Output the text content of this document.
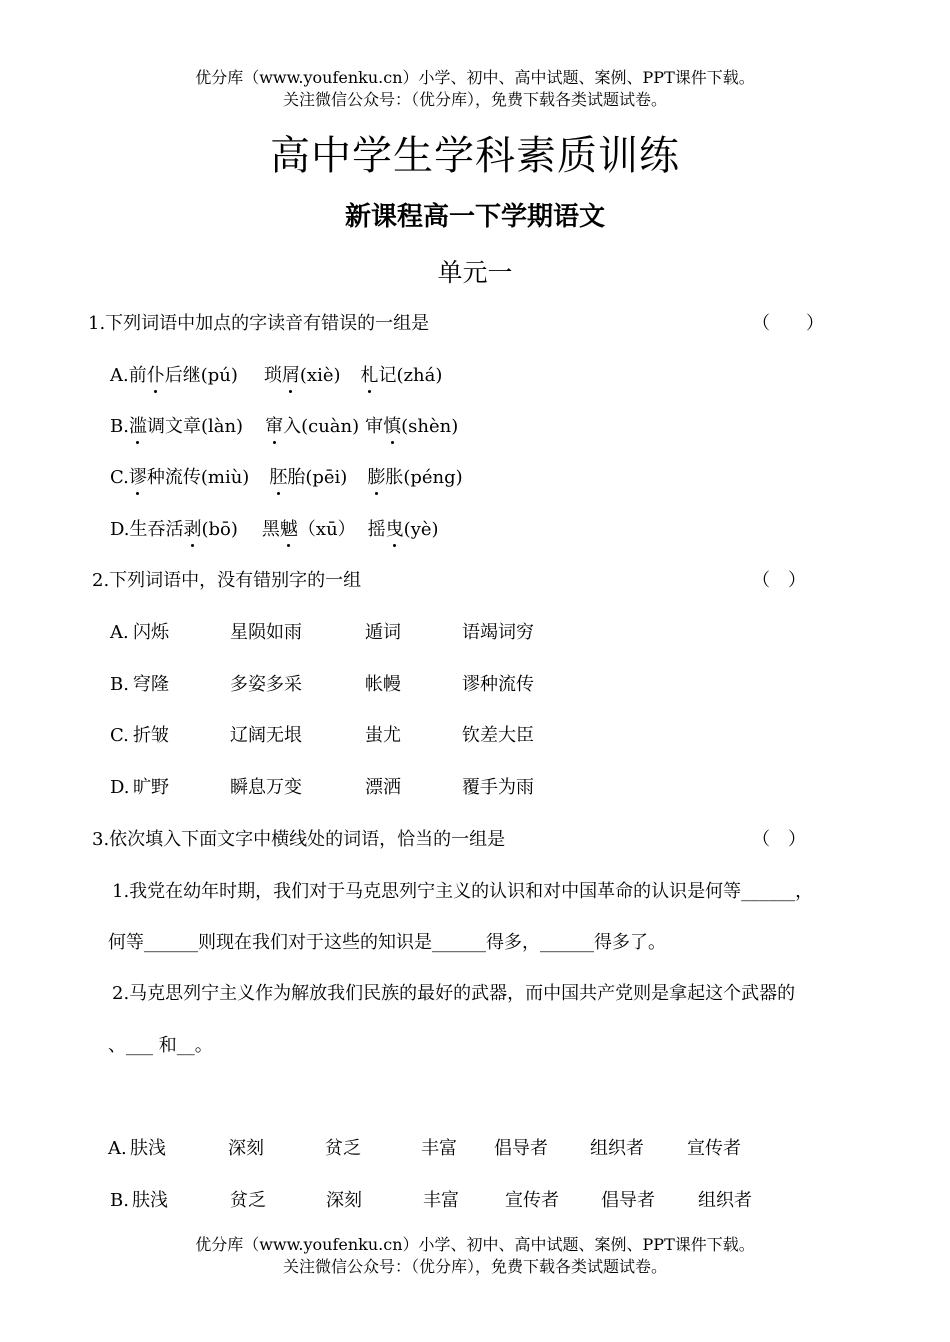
优分库（www.youfenku.cn）小学、初中、高中试题、案例、PPT课件下载。
关注微信公众号：（优分库），免费下载各类试题试卷。
高中学生学科素质训练
新课程高一下学期语文
单元一
1.下列词语中加点的字读音有错误的一组是	（　　）
A.前仆后继(pú) 琐屑(xiè) 札记(zhá)
B.滥调文章(làn) 窜入(cuàn) 审慎(shèn)
C.谬种流传(miù) 胚胎(pēi) 膨胀(péng)
D.生吞活剥(bō) 黑魆（xū） 摇曳(yè)
2.下列词语中，没有错别字的一组	（　）
A. 闪烁	星陨如雨	遁词	语竭词穷
B. 穹隆	多姿多采	帐幔	谬种流传
C. 折皱	辽阔无垠	蚩尤	钦差大臣
D. 旷野	瞬息万变	漂洒	覆手为雨
3.依次填入下面文字中横线处的词语，恰当的一组是	（　）
1.我党在幼年时期，我们对于马克思列宁主义的认识和对中国革命的认识是何等______，
何等______则现在我们对于这些的知识是______得多，______得多了。
2.马克思列宁主义作为解放我们民族的最好的武器，而中国共产党则是拿起这个武器的
、___ 和__。
A. 肤浅	深刻	贫乏	丰富 倡导者 组织者 宣传者
B. 肤浅	贫乏	深刻	丰富	宣传者 倡导者 组织者
优分库（www.youfenku.cn）小学、初中、高中试题、案例、PPT课件下载。
关注微信公众号：（优分库），免费下载各类试题试卷。
